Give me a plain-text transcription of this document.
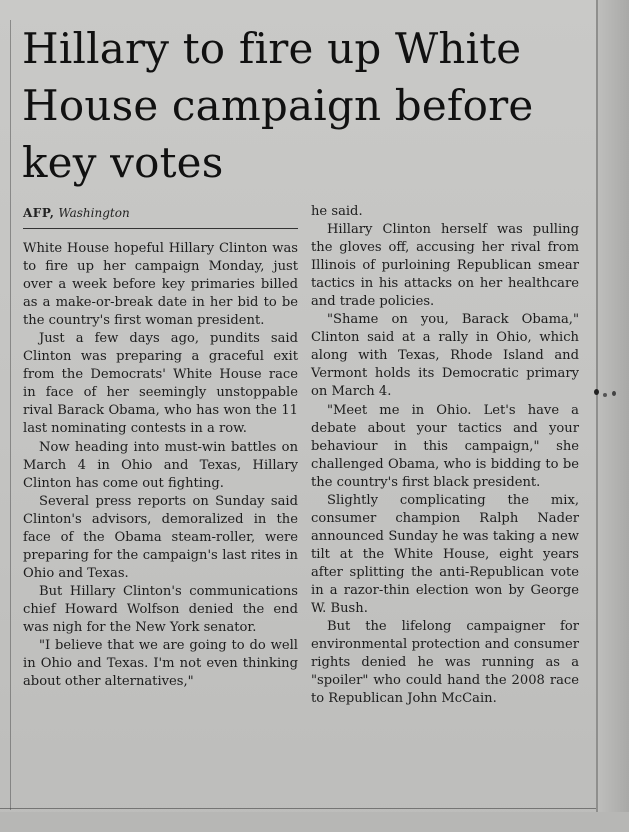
Hillary to fire up White House campaign before key votes
AFP, Washington

White House hopeful Hillary Clinton was to fire up her campaign Monday, just over a week before key primaries billed as a make-or-break date in her bid to be the country's first woman president.

Just a few days ago, pundits said Clinton was preparing a graceful exit from the Democrats' White House race in face of her seemingly unstoppable rival Barack Obama, who has won the 11 last nominating contests in a row.

Now heading into must-win battles on March 4 in Ohio and Texas, Hillary Clinton has come out fighting.

Several press reports on Sunday said Clinton's advisors, demoralized in the face of the Obama steam-roller, were preparing for the campaign's last rites in Ohio and Texas.

But Hillary Clinton's communications chief Howard Wolfson denied the end was nigh for the New York senator.

"I believe that we are going to do well in Ohio and Texas. I'm not even thinking about other alternatives,"

he said.

Hillary Clinton herself was pulling the gloves off, accusing her rival from Illinois of purloining Republican smear tactics in his attacks on her healthcare and trade policies.

"Shame on you, Barack Obama," Clinton said at a rally in Ohio, which along with Texas, Rhode Island and Vermont holds its Democratic primary on March 4.

"Meet me in Ohio. Let's have a debate about your tactics and your behaviour in this campaign," she challenged Obama, who is bidding to be the country's first black president.

Slightly complicating the mix, consumer champion Ralph Nader announced Sunday he was taking a new tilt at the White House, eight years after splitting the anti-Republican vote in a razor-thin election won by George W. Bush.

But the lifelong campaigner for environmental protection and consumer rights denied he was running as a "spoiler" who could hand the 2008 race to Republican John McCain.
